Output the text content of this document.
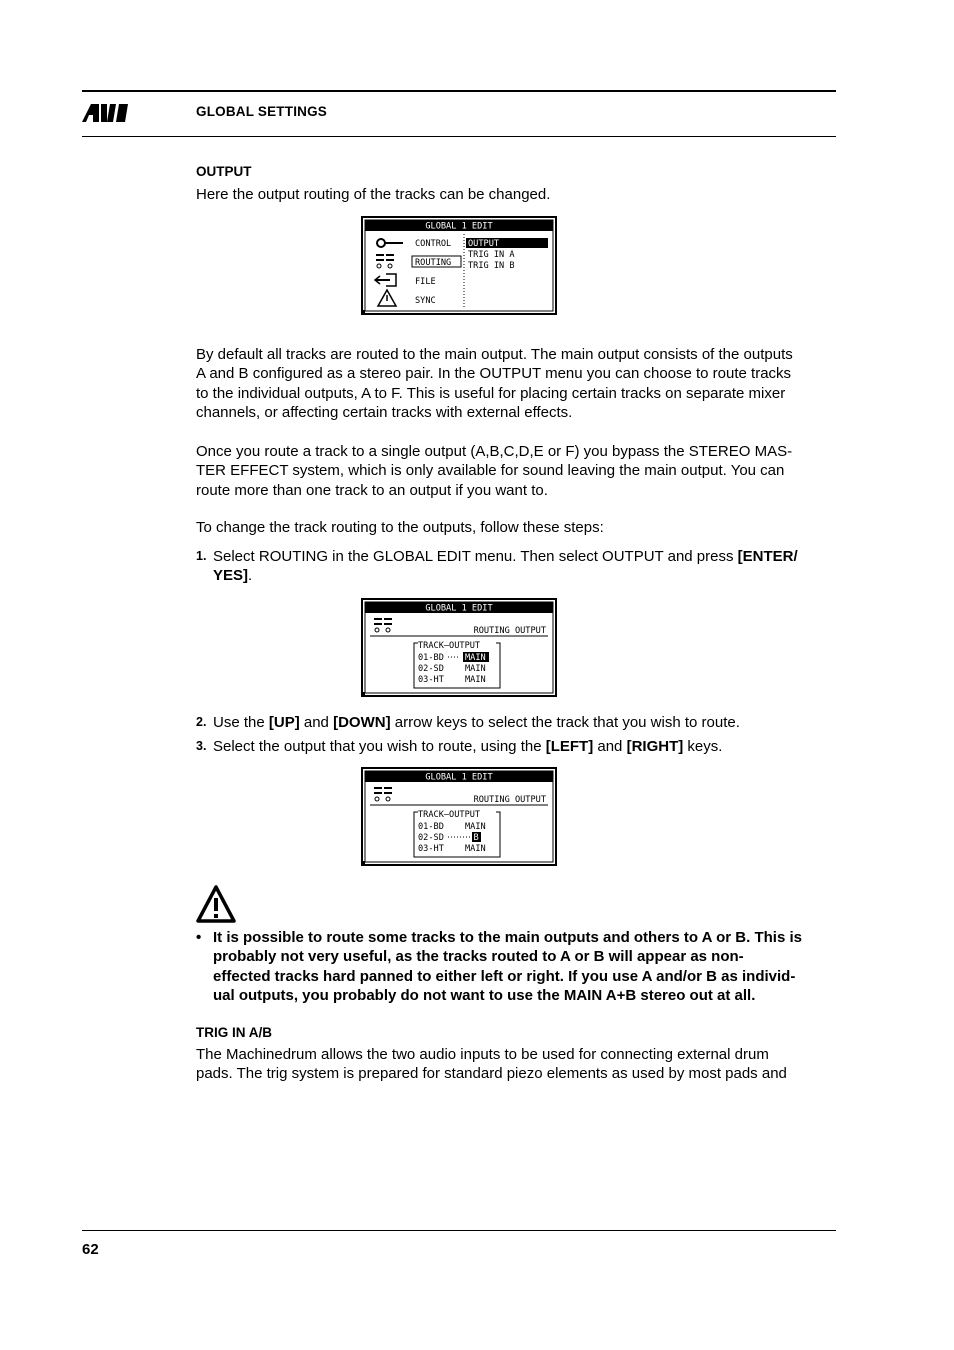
GLOBAL SETTINGS
OUTPUT
Here the output routing of the tracks can be changed.
GLOBAL 1 EDIT
CONTROL
ROUTING
FILE
SYNC
OUTPUT
TRIG IN A
TRIG IN B

By default all tracks are routed to the main output. The main output consists of the outputs

A and B configured as a stereo pair. In the OUTPUT menu you can choose to route tracks

to the individual outputs, A to F. This is useful for placing certain tracks on separate mixer

channels, or affecting certain tracks with external effects.

Once you route a track to a single output (A,B,C,D,E or F) you bypass the STEREO MAS-

TER EFFECT system, which is only available for sound leaving the main output. You can

route more than one track to an output if you want to.

To change the track routing to the outputs, follow these steps:
1. Select ROUTING in the GLOBAL EDIT menu. Then select OUTPUT and press [ENTER/
YES].
GLOBAL 1 EDIT
ROUTING OUTPUT
TRACK—OUTPUT
01-BD MAIN
02-SD MAIN
03-HT MAIN
2. Use the [UP] and [DOWN] arrow keys to select the track that you wish to route.
3. Select the output that you wish to route, using the [LEFT] and [RIGHT] keys.
GLOBAL 1 EDIT
ROUTING OUTPUT
TRACK—OUTPUT
01-BD MAIN
02-SD	B
03-HT MAIN
• It is possible to route some tracks to the main outputs and others to A or B. This is
probably not very useful, as the tracks routed to A or B will appear as non-
effected tracks hard panned to either left or right. If you use A and/or B as individ-
ual outputs, you probably do not want to use the MAIN A+B stereo out at all.
TRIG IN A/B

The Machinedrum allows the two audio inputs to be used for connecting external drum

pads. The trig system is prepared for standard piezo elements as used by most pads and

62
